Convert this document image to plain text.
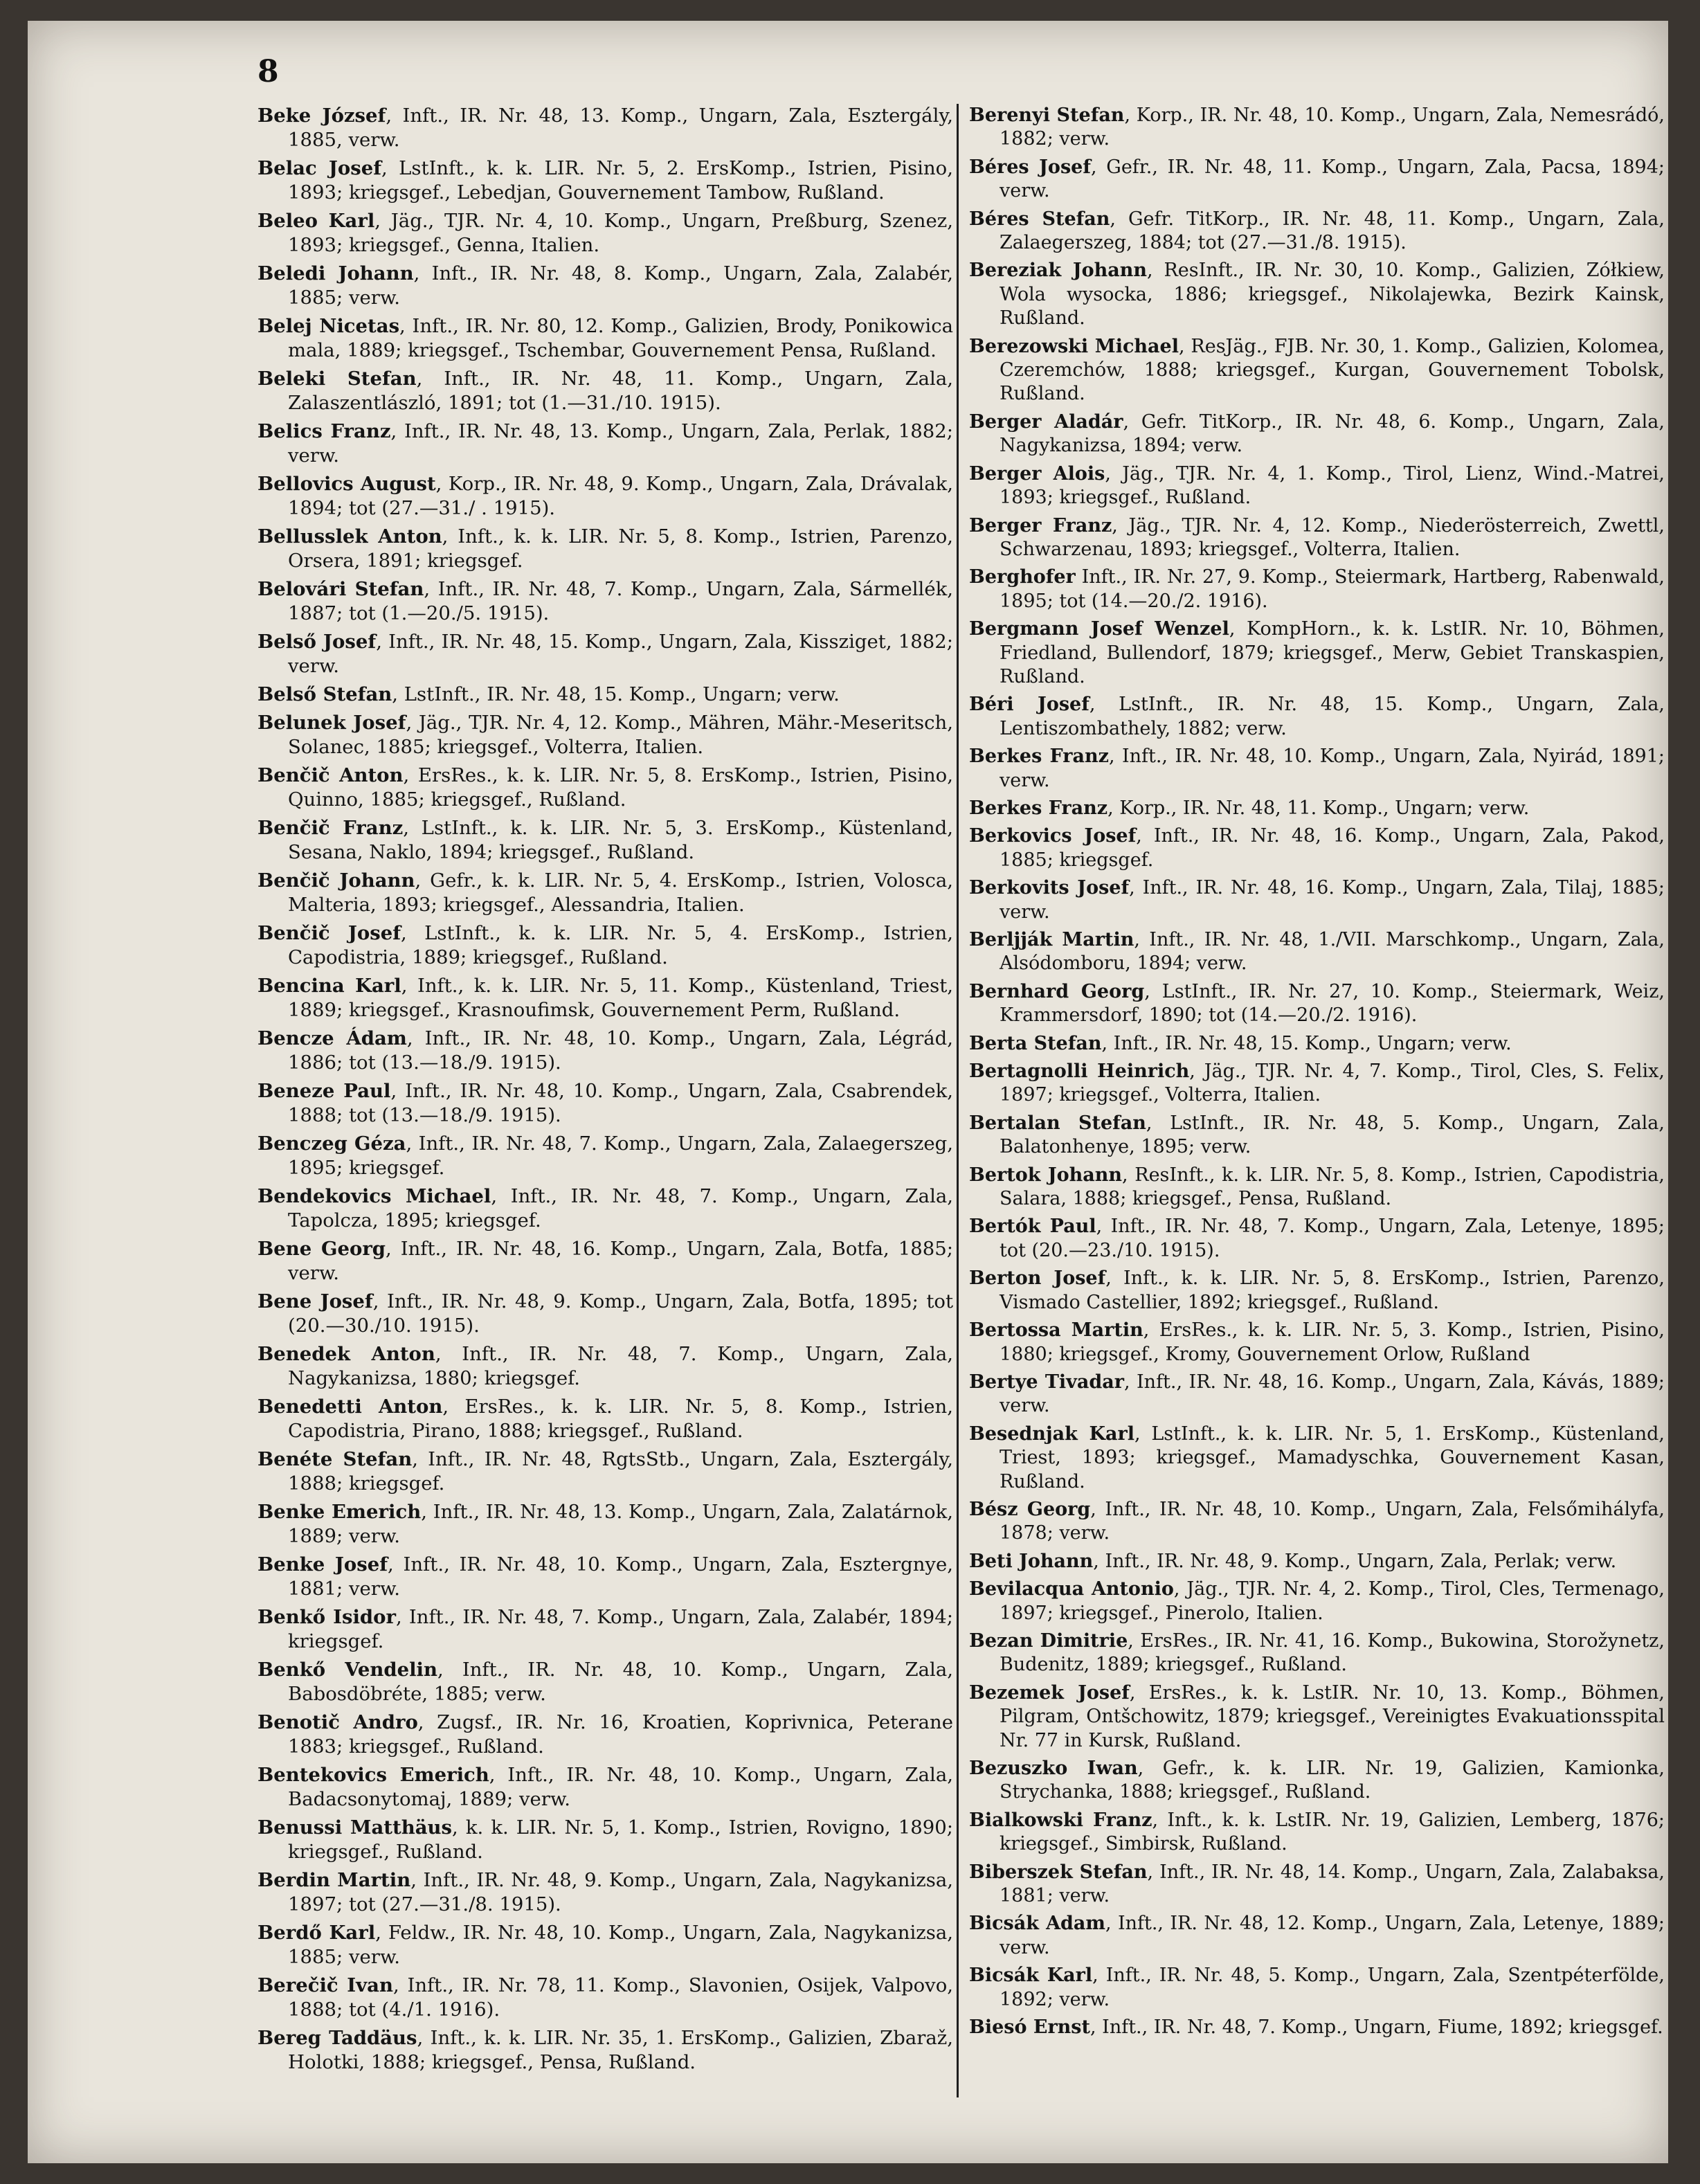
8

Beke József, Inft., IR. Nr. 48, 13. Komp., Ungarn, Zala, Esztergály, 1885, verw.

Belac Josef, LstInft., k. k. LIR. Nr. 5, 2. ErsKomp., Istrien, Pisino, 1893; kriegsgef., Lebedjan, Gouvernement Tambow, Rußland.

Beleo Karl, Jäg., TJR. Nr. 4, 10. Komp., Ungarn, Preßburg, Szenez, 1893; kriegsgef., Genna, Italien.

Beledi Johann, Inft., IR. Nr. 48, 8. Komp., Ungarn, Zala, Zalabér, 1885; verw.

Belej Nicetas, Inft., IR. Nr. 80, 12. Komp., Galizien, Brody, Ponikowica mala, 1889; kriegsgef., Tschembar, Gouvernement Pensa, Rußland.

Beleki Stefan, Inft., IR. Nr. 48, 11. Komp., Ungarn, Zala, Zalaszentlászló, 1891; tot (1.—31./10. 1915).

Belics Franz, Inft., IR. Nr. 48, 13. Komp., Ungarn, Zala, Perlak, 1882; verw.

Bellovics August, Korp., IR. Nr. 48, 9. Komp., Ungarn, Zala, Drávalak, 1894; tot (27.—31./ . 1915).

Bellusslek Anton, Inft., k. k. LIR. Nr. 5, 8. Komp., Istrien, Parenzo, Orsera, 1891; kriegsgef.

Belovári Stefan, Inft., IR. Nr. 48, 7. Komp., Ungarn, Zala, Sármellék, 1887; tot (1.—20./5. 1915).

Belső Josef, Inft., IR. Nr. 48, 15. Komp., Ungarn, Zala, Kissziget, 1882; verw.

Belső Stefan, LstInft., IR. Nr. 48, 15. Komp., Ungarn; verw.

Belunek Josef, Jäg., TJR. Nr. 4, 12. Komp., Mähren, Mähr.-Meseritsch, Solanec, 1885; kriegsgef., Volterra, Italien.

Benčič Anton, ErsRes., k. k. LIR. Nr. 5, 8. ErsKomp., Istrien, Pisino, Quinno, 1885; kriegsgef., Rußland.

Benčič Franz, LstInft., k. k. LIR. Nr. 5, 3. ErsKomp., Küstenland, Sesana, Naklo, 1894; kriegsgef., Rußland.

Benčič Johann, Gefr., k. k. LIR. Nr. 5, 4. ErsKomp., Istrien, Volosca, Malteria, 1893; kriegsgef., Alessandria, Italien.

Benčič Josef, LstInft., k. k. LIR. Nr. 5, 4. ErsKomp., Istrien, Capodistria, 1889; kriegsgef., Rußland.

Bencina Karl, Inft., k. k. LIR. Nr. 5, 11. Komp., Küstenland, Triest, 1889; kriegsgef., Krasnoufimsk, Gouvernement Perm, Rußland.

Bencze Ádam, Inft., IR. Nr. 48, 10. Komp., Ungarn, Zala, Légrád, 1886; tot (13.—18./9. 1915).

Beneze Paul, Inft., IR. Nr. 48, 10. Komp., Ungarn, Zala, Csabrendek, 1888; tot (13.—18./9. 1915).

Benczeg Géza, Inft., IR. Nr. 48, 7. Komp., Ungarn, Zala, Zalaegerszeg, 1895; kriegsgef.

Bendekovics Michael, Inft., IR. Nr. 48, 7. Komp., Ungarn, Zala, Tapolcza, 1895; kriegsgef.

Bene Georg, Inft., IR. Nr. 48, 16. Komp., Ungarn, Zala, Botfa, 1885; verw.

Bene Josef, Inft., IR. Nr. 48, 9. Komp., Ungarn, Zala, Botfa, 1895; tot (20.—30./10. 1915).

Benedek Anton, Inft., IR. Nr. 48, 7. Komp., Ungarn, Zala, Nagykanizsa, 1880; kriegsgef.

Benedetti Anton, ErsRes., k. k. LIR. Nr. 5, 8. Komp., Istrien, Capodistria, Pirano, 1888; kriegsgef., Rußland.

Benéte Stefan, Inft., IR. Nr. 48, RgtsStb., Ungarn, Zala, Esztergály, 1888; kriegsgef.

Benke Emerich, Inft., IR. Nr. 48, 13. Komp., Ungarn, Zala, Zalatárnok, 1889; verw.

Benke Josef, Inft., IR. Nr. 48, 10. Komp., Ungarn, Zala, Esztergnye, 1881; verw.

Benkő Isidor, Inft., IR. Nr. 48, 7. Komp., Ungarn, Zala, Zalabér, 1894; kriegsgef.

Benkő Vendelin, Inft., IR. Nr. 48, 10. Komp., Ungarn, Zala, Babosdöbréte, 1885; verw.

Benotič Andro, Zugsf., IR. Nr. 16, Kroatien, Koprivnica, Peterane 1883; kriegsgef., Rußland.

Bentekovics Emerich, Inft., IR. Nr. 48, 10. Komp., Ungarn, Zala, Badacsonytomaj, 1889; verw.

Benussi Matthäus, k. k. LIR. Nr. 5, 1. Komp., Istrien, Rovigno, 1890; kriegsgef., Rußland.

Berdin Martin, Inft., IR. Nr. 48, 9. Komp., Ungarn, Zala, Nagykanizsa, 1897; tot (27.—31./8. 1915).

Berdő Karl, Feldw., IR. Nr. 48, 10. Komp., Ungarn, Zala, Nagykanizsa, 1885; verw.

Berečič Ivan, Inft., IR. Nr. 78, 11. Komp., Slavonien, Osijek, Valpovo, 1888; tot (4./1. 1916).

Bereg Taddäus, Inft., k. k. LIR. Nr. 35, 1. ErsKomp., Galizien, Zbaraž, Holotki, 1888; kriegsgef., Pensa, Rußland.

Berenyi Stefan, Korp., IR. Nr. 48, 10. Komp., Ungarn, Zala, Nemesrádó, 1882; verw.

Béres Josef, Gefr., IR. Nr. 48, 11. Komp., Ungarn, Zala, Pacsa, 1894; verw.

Béres Stefan, Gefr. TitKorp., IR. Nr. 48, 11. Komp., Ungarn, Zala, Zalaegerszeg, 1884; tot (27.—31./8. 1915).

Bereziak Johann, ResInft., IR. Nr. 30, 10. Komp., Galizien, Zółkiew, Wola wysocka, 1886; kriegsgef., Nikolajewka, Bezirk Kainsk, Rußland.

Berezowski Michael, ResJäg., FJB. Nr. 30, 1. Komp., Galizien, Kolomea, Czeremchów, 1888; kriegsgef., Kurgan, Gouvernement Tobolsk, Rußland.

Berger Aladár, Gefr. TitKorp., IR. Nr. 48, 6. Komp., Ungarn, Zala, Nagykanizsa, 1894; verw.

Berger Alois, Jäg., TJR. Nr. 4, 1. Komp., Tirol, Lienz, Wind.-Matrei, 1893; kriegsgef., Rußland.

Berger Franz, Jäg., TJR. Nr. 4, 12. Komp., Niederösterreich, Zwettl, Schwarzenau, 1893; kriegsgef., Volterra, Italien.

Berghofer Inft., IR. Nr. 27, 9. Komp., Steiermark, Hartberg, Rabenwald, 1895; tot (14.—20./2. 1916).

Bergmann Josef Wenzel, KompHorn., k. k. LstIR. Nr. 10, Böhmen, Friedland, Bullendorf, 1879; kriegsgef., Merw, Gebiet Transkaspien, Rußland.

Béri Josef, LstInft., IR. Nr. 48, 15. Komp., Ungarn, Zala, Lentiszombathely, 1882; verw.

Berkes Franz, Inft., IR. Nr. 48, 10. Komp., Ungarn, Zala, Nyirád, 1891; verw.

Berkes Franz, Korp., IR. Nr. 48, 11. Komp., Ungarn; verw.

Berkovics Josef, Inft., IR. Nr. 48, 16. Komp., Ungarn, Zala, Pakod, 1885; kriegsgef.

Berkovits Josef, Inft., IR. Nr. 48, 16. Komp., Ungarn, Zala, Tilaj, 1885; verw.

Berljják Martin, Inft., IR. Nr. 48, 1./VII. Marschkomp., Ungarn, Zala, Alsódomboru, 1894; verw.

Bernhard Georg, LstInft., IR. Nr. 27, 10. Komp., Steiermark, Weiz, Krammersdorf, 1890; tot (14.—20./2. 1916).

Berta Stefan, Inft., IR. Nr. 48, 15. Komp., Ungarn; verw.

Bertagnolli Heinrich, Jäg., TJR. Nr. 4, 7. Komp., Tirol, Cles, S. Felix, 1897; kriegsgef., Volterra, Italien.

Bertalan Stefan, LstInft., IR. Nr. 48, 5. Komp., Ungarn, Zala, Balatonhenye, 1895; verw.

Bertok Johann, ResInft., k. k. LIR. Nr. 5, 8. Komp., Istrien, Capodistria, Salara, 1888; kriegsgef., Pensa, Rußland.

Bertók Paul, Inft., IR. Nr. 48, 7. Komp., Ungarn, Zala, Letenye, 1895; tot (20.—23./10. 1915).

Berton Josef, Inft., k. k. LIR. Nr. 5, 8. ErsKomp., Istrien, Parenzo, Vismado Castellier, 1892; kriegsgef., Rußland.

Bertossa Martin, ErsRes., k. k. LIR. Nr. 5, 3. Komp., Istrien, Pisino, 1880; kriegsgef., Kromy, Gouvernement Orlow, Rußland

Bertye Tivadar, Inft., IR. Nr. 48, 16. Komp., Ungarn, Zala, Kávás, 1889; verw.

Besednjak Karl, LstInft., k. k. LIR. Nr. 5, 1. ErsKomp., Küstenland, Triest, 1893; kriegsgef., Mamadyschka, Gouvernement Kasan, Rußland.

Bész Georg, Inft., IR. Nr. 48, 10. Komp., Ungarn, Zala, Felsőmihályfa, 1878; verw.

Beti Johann, Inft., IR. Nr. 48, 9. Komp., Ungarn, Zala, Perlak; verw.

Bevilacqua Antonio, Jäg., TJR. Nr. 4, 2. Komp., Tirol, Cles, Termenago, 1897; kriegsgef., Pinerolo, Italien.

Bezan Dimitrie, ErsRes., IR. Nr. 41, 16. Komp., Bukowina, Storožynetz, Budenitz, 1889; kriegsgef., Rußland.

Bezemek Josef, ErsRes., k. k. LstIR. Nr. 10, 13. Komp., Böhmen, Pilgram, Ontšchowitz, 1879; kriegsgef., Vereinigtes Evakuationsspital Nr. 77 in Kursk, Rußland.

Bezuszko Iwan, Gefr., k. k. LIR. Nr. 19, Galizien, Kamionka, Strychanka, 1888; kriegsgef., Rußland.

Bialkowski Franz, Inft., k. k. LstIR. Nr. 19, Galizien, Lemberg, 1876; kriegsgef., Simbirsk, Rußland.

Biberszek Stefan, Inft., IR. Nr. 48, 14. Komp., Ungarn, Zala, Zalabaksa, 1881; verw.

Bicsák Adam, Inft., IR. Nr. 48, 12. Komp., Ungarn, Zala, Letenye, 1889; verw.

Bicsák Karl, Inft., IR. Nr. 48, 5. Komp., Ungarn, Zala, Szentpéterfölde, 1892; verw.

Biesó Ernst, Inft., IR. Nr. 48, 7. Komp., Ungarn, Fiume, 1892; kriegsgef.
